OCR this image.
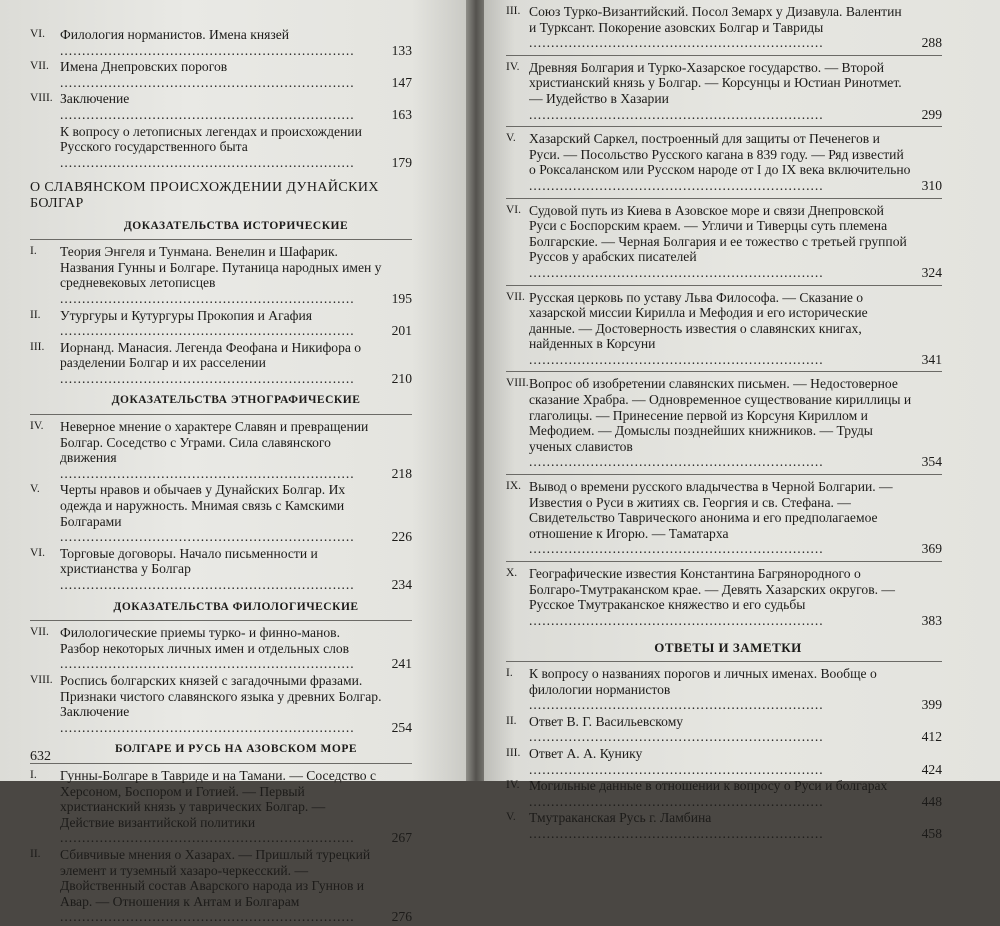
VI. Филология норманистов. Имена князей .....
133
VII. Имена Днепровских порогов .....
147
VIII. Заключение .....
163
К вопросу о летописных легендах и происхождении Русского государственного быта .....
179
О СЛАВЯНСКОМ ПРОИСХОЖДЕНИИ ДУНАЙСКИХ БОЛГАР
ДОКАЗАТЕЛЬСТВА ИСТОРИЧЕСКИЕ
I. Теория Энгеля и Тунмана. Венелин и Шафарик. Названия Гунны и Болгаре. Путаница народных имен у средневековых летописцев .....
195
II. Утургуры и Кутургуры Прокопия и Агафия .....
201
III. Иорнанд. Манасия. Легенда Феофана и Никифора о разделении Болгар и их расселении .....
210
ДОКАЗАТЕЛЬСТВА ЭТНОГРАФИЧЕСКИЕ
IV. Неверное мнение о характере Славян и превращении Болгар. Соседство с Уграми. Сила славянского движения .....
218
V. Черты нравов и обычаев у Дунайских Болгар. Их одежда и наружность. Мнимая связь с Камскими Болгарами .....
226
VI. Торговые договоры. Начало письменности и христианства у Болгар .....
234
ДОКАЗАТЕЛЬСТВА ФИЛОЛОГИЧЕСКИЕ
VII. Филологические приемы турко- и финно-манов. Разбор некоторых личных имен и отдельных слов .....
241
VIII. Роспись болгарских князей с загадочными фразами. Признаки чистого славянского языка у древних Болгар. Заключение .....
254
БОЛГАРЕ И РУСЬ НА АЗОВСКОМ МОРЕ
I. Гунны-Болгаре в Тавриде и на Тамани. — Соседство с Херсоном, Боспором и Готией. — Первый христианский князь у таврических Болгар. — Действие византийской политики .....
267
II. Сбивчивые мнения о Хазарах. — Пришлый турецкий элемент и туземный хазаро-черкесский. — Двойственный состав Аварского народа из Гуннов и Авар. — Отношения к Антам и Болгарам .....
276
632
III. Союз Турко-Византийский. Посол Земарх у Дизавула. Валентин и Турксант. Покорение азовских Болгар и Тавриды .....
288
IV. Древняя Болгария и Турко-Хазарское государство. — Второй христианский князь у Болгар. — Корсунцы и Юстиан Ринотмет. — Иудейство в Хазарии .....
299
V. Хазарский Саркел, построенный для защиты от Печенегов и Руси. — Посольство Русского кагана в 839 году. — Ряд известий о Роксаланском или Русском народе от I до IX века включительно .....
310
VI. Судовой путь из Киева в Азовское море и связи Днепровской Руси с Боспорским краем. — Угличи и Тиверцы суть племена Болгарские. — Черная Болгария и ее тожество с третьей группой Руссов у арабских писателей .....
324
VII. Русская церковь по уставу Льва Философа. — Сказание о хазарской миссии Кирилла и Мефодия и его исторические данные. — Достоверность известия о славянских книгах, найденных в Корсуни .....
341
VIII. Вопрос об изобретении славянских письмен. — Недостоверное сказание Храбра. — Одновременное существование кириллицы и глаголицы. — Принесение первой из Корсуня Кириллом и Мефодием. — Домыслы позднейших книжников. — Труды ученых славистов .....
354
IX. Вывод о времени русского владычества в Черной Болгарии. — Известия о Руси в житиях св. Георгия и св. Стефана. — Свидетельство Таврического анонима и его предполагаемое отношение к Игорю. — Таматарха .....
369
X. Географические известия Константина Багрянородного о Болгаро-Тмутраканском крае. — Девять Хазарских округов. — Русское Тмутраканское княжество и его судьбы .....
383
ОТВЕТЫ И ЗАМЕТКИ
I. К вопросу о названиях порогов и личных именах. Вообще о филологии норманистов .....
399
II. Ответ В. Г. Васильевскому .....
412
III. Ответ А. А. Кунику .....
424
IV. Могильные данные в отношении к вопросу о Руси и болгарах .....
448
V. Тмутраканская Русь г. Ламбина .....
458
